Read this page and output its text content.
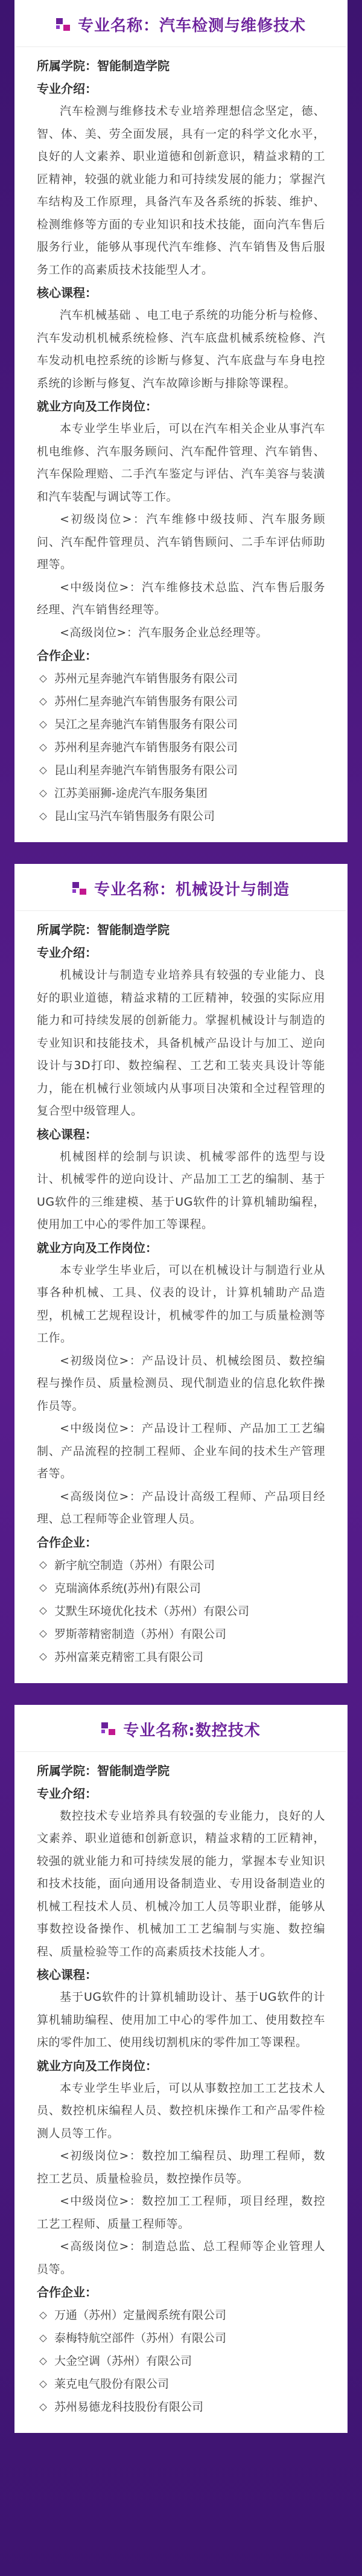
专业名称：汽车检测与维修技术
所属学院：智能制造学院
专业介绍：

汽车检测与维修技术专业培养理想信念坚定，德、智、体、美、劳全面发展，具有一定的科学文化水平，良好的人文素养、职业道德和创新意识，精益求精的工匠精神，较强的就业能力和可持续发展的能力；掌握汽车结构及工作原理，具备汽车及各系统的拆装、维护、检测维修等方面的专业知识和技术技能，面向汽车售后服务行业，能够从事现代汽车维修、汽车销售及售后服务工作的高素质技术技能型人才。

核心课程：

汽车机械基础 、电工电子系统的功能分析与检修、汽车发动机机械系统检修、汽车底盘机械系统检修、汽车发动机电控系统的诊断与修复、汽车底盘与车身电控系统的诊断与修复、汽车故障诊断与排除等课程。

就业方向及工作岗位：

本专业学生毕业后，可以在汽车相关企业从事汽车机电维修、汽车服务顾问、汽车配件管理、汽车销售、汽车保险理赔、二手汽车鉴定与评估、汽车美容与装潢和汽车装配与调试等工作。

<初级岗位>：汽车维修中级技师、汽车服务顾问、汽车配件管理员、汽车销售顾问、二手车评估师助理等。

<中级岗位>：汽车维修技术总监、汽车售后服务经理、汽车销售经理等。

<高级岗位>：汽车服务企业总经理等。

合作企业：
苏州元星奔驰汽车销售服务有限公司
苏州仁星奔驰汽车销售服务有限公司
吴江之星奔驰汽车销售服务有限公司
苏州利星奔驰汽车销售服务有限公司
昆山利星奔驰汽车销售服务有限公司
江苏美丽狮-途虎汽车服务集团
昆山宝马汽车销售服务有限公司
专业名称：机械设计与制造
所属学院：智能制造学院
专业介绍：

机械设计与制造专业培养具有较强的专业能力、良好的职业道德，精益求精的工匠精神，较强的实际应用能力和可持续发展的创新能力。掌握机械设计与制造的专业知识和技能技术，具备机械产品设计与加工、逆向设计与3D打印、数控编程、工艺和工装夹具设计等能力，能在机械行业领域内从事项目决策和全过程管理的复合型中级管理人。

核心课程：

机械图样的绘制与识读、机械零部件的选型与设计、机械零件的逆向设计、产品加工工艺的编制、基于UG软件的三维建模、基于UG软件的计算机辅助编程，使用加工中心的零件加工等课程。

就业方向及工作岗位：

本专业学生毕业后，可以在机械设计与制造行业从事各种机械、工具、仪表的设计，计算机辅助产品造型，机械工艺规程设计，机械零件的加工与质量检测等工作。

<初级岗位>：产品设计员、机械绘图员、数控编程与操作员、质量检测员、现代制造业的信息化软件操作员等。

<中级岗位>：产品设计工程师、产品加工工艺编制、产品流程的控制工程师、企业车间的技术生产管理者等。

<高级岗位>：产品设计高级工程师、产品项目经理、总工程师等企业管理人员。

合作企业：
新宇航空制造（苏州）有限公司
克瑞滴体系统(苏州)有限公司
艾默生环境优化技术（苏州）有限公司
罗斯蒂精密制造（苏州）有限公司
苏州富莱克精密工具有限公司
专业名称:数控技术
所属学院：智能制造学院
专业介绍：

数控技术专业培养具有较强的专业能力，良好的人文素养、职业道德和创新意识，精益求精的工匠精神，较强的就业能力和可持续发展的能力，掌握本专业知识和技术技能，面向通用设备制造业、专用设备制造业的机械工程技术人员、机械冷加工人员等职业群，能够从事数控设备操作、机械加工工艺编制与实施、数控编程、质量检验等工作的高素质技术技能人才。

核心课程：

基于UG软件的计算机辅助设计、基于UG软件的计算机辅助编程、使用加工中心的零件加工、使用数控车床的零件加工、使用线切割机床的零件加工等课程。

就业方向及工作岗位：

本专业学生毕业后，可以从事数控加工工艺技术人员、数控机床编程人员、数控机床操作工和产品零件检测人员等工作。

<初级岗位>：数控加工编程员、助理工程师，数控工艺员、质量检验员，数控操作员等。

<中级岗位>：数控加工工程师，项目经理，数控工艺工程师、质量工程师等。

<高级岗位>：制造总监、总工程师等企业管理人员等。

合作企业：
万通（苏州）定量阀系统有限公司
泰梅特航空部件（苏州）有限公司
大金空调（苏州）有限公司
莱克电气股份有限公司
苏州易德龙科技股份有限公司
